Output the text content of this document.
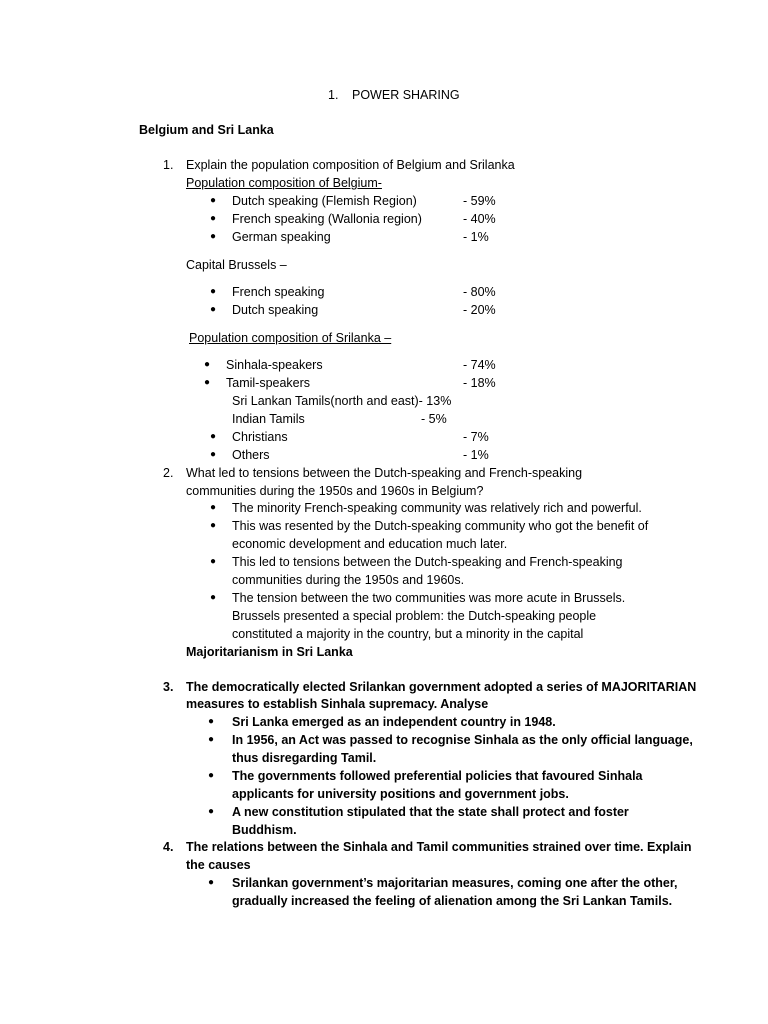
1. POWER SHARING
Belgium and Sri Lanka
1. Explain the population composition of Belgium and Srilanka
Population composition of Belgium-
● Dutch speaking (Flemish Region)	- 59%
● French speaking (Wallonia region)	- 40%
● German speaking	- 1%
Capital Brussels –
● French speaking	- 80%
● Dutch speaking	- 20%
Population composition of Srilanka –
● Sinhala-speakers	- 74%
● Tamil-speakers	- 18%
Sri Lankan Tamils(north and east)- 13%
Indian Tamils	- 5%
● Christians	- 7%
● Others	- 1%
2. What led to tensions between the Dutch-speaking and French-speaking
communities during the 1950s and 1960s in Belgium?
● The minority French-speaking community was relatively rich and powerful.
● This was resented by the Dutch-speaking community who got the benefit of
economic development and education much later.
● This led to tensions between the Dutch-speaking and French-speaking
communities during the 1950s and 1960s.
● The tension between the two communities was more acute in Brussels.
Brussels presented a special problem: the Dutch-speaking people
constituted a majority in the country, but a minority in the capital
Majoritarianism in Sri Lanka
3. The democratically elected Srilankan government adopted a series of MAJORITARIAN
measures to establish Sinhala supremacy. Analyse
● Sri Lanka emerged as an independent country in 1948.
● In 1956, an Act was passed to recognise Sinhala as the only official language,
thus disregarding Tamil.
● The governments followed preferential policies that favoured Sinhala
applicants for university positions and government jobs.
● A new constitution stipulated that the state shall protect and foster
Buddhism.
4. The relations between the Sinhala and Tamil communities strained over time. Explain
the causes
● Srilankan government’s majoritarian measures, coming one after the other,
gradually increased the feeling of alienation among the Sri Lankan Tamils.
